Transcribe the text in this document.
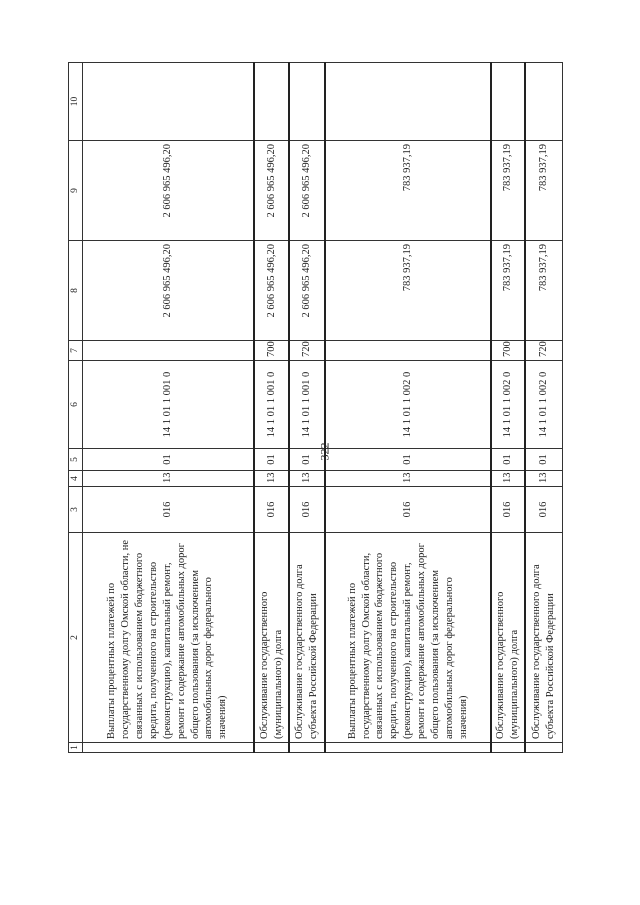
322
1	2	3	4	5	6	7	8	9	10
	Выплаты процентных платежей по государственному долгу Омской области, не связанных с использованием бюджетного кредита, полученного на строительство (реконструкцию), капитальный ремонт, ремонт и содержание автомобильных дорог общего пользования (за исключением автомобильных дорог федерального значения)	016	13	01	14 1 01 1 001 0		2 606 965 496,20	2 606 965 496,20	
	Обслуживание государственного (муниципального) долга	016	13	01	14 1 01 1 001 0	700	2 606 965 496,20	2 606 965 496,20	
	Обслуживание государственного долга субъекта Российской Федерации	016	13	01	14 1 01 1 001 0	720	2 606 965 496,20	2 606 965 496,20	
	Выплаты процентных платежей по государственному долгу Омской области, связанных с использованием бюджетного кредита, полученного на строительство (реконструкцию), капитальный ремонт, ремонт и содержание автомобильных дорог общего пользования (за исключением автомобильных дорог федерального значения)	016	13	01	14 1 01 1 002 0		783 937,19	783 937,19	
	Обслуживание государственного (муниципального) долга	016	13	01	14 1 01 1 002 0	700	783 937,19	783 937,19	
	Обслуживание государственного долга субъекта Российской Федерации	016	13	01	14 1 01 1 002 0	720	783 937,19	783 937,19	
